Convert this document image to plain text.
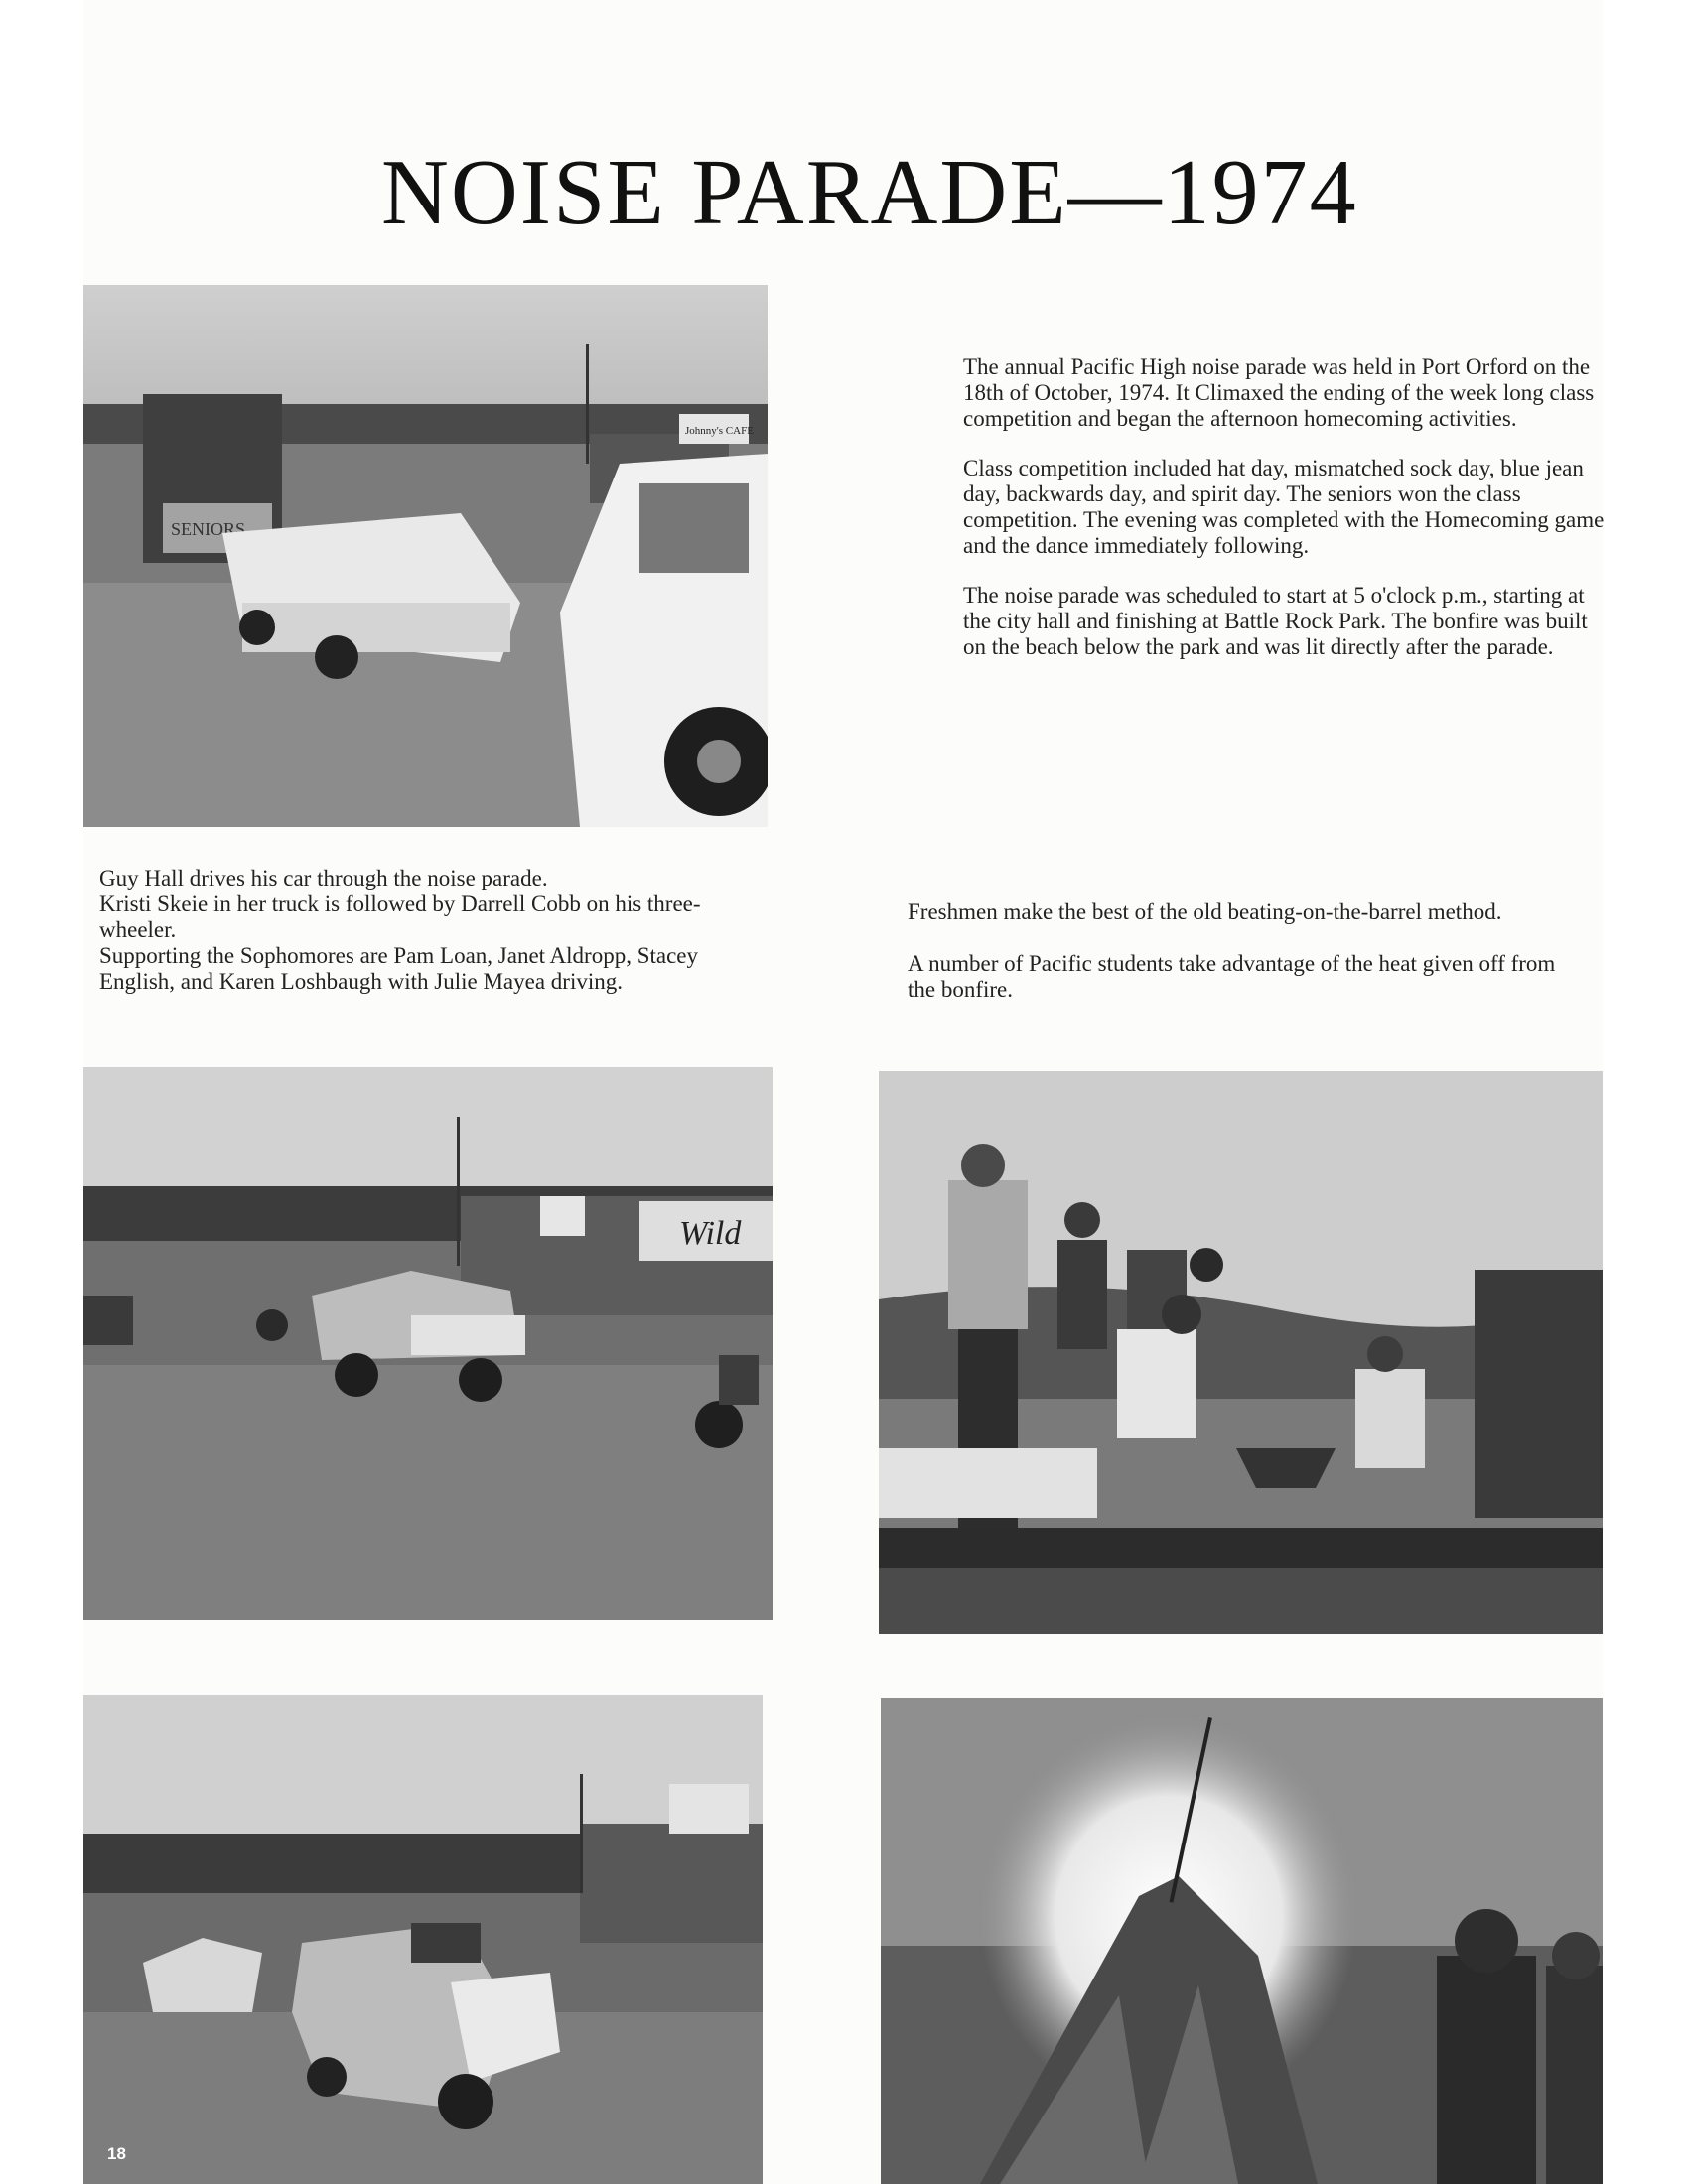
NOISE PARADE—1974
Johnny's CAFE
SENIORS

The annual Pacific High noise parade was held in Port Orford on the 18th of October, 1974. It Climaxed the ending of the week long class competition and began the afternoon homecoming activities.

Class competition included hat day, mismatched sock day, blue jean day, backwards day, and spirit day. The seniors won the class competition. The evening was completed with the Homecoming game and the dance immediately following.

The noise parade was scheduled to start at 5 o'clock p.m., starting at the city hall and finishing at Battle Rock Park. The bonfire was built on the beach below the park and was lit directly after the parade.

Guy Hall drives his car through the noise parade.
Kristi Skeie in her truck is followed by Darrell Cobb on his three-wheeler.
Supporting the Sophomores are Pam Loan, Janet Aldropp, Stacey English, and Karen Loshbaugh with Julie Mayea driving.
Freshmen make the best of the old beating-on-the-barrel method.
A number of Pacific students take advantage of the heat given off from the bonfire.
Wild
18
